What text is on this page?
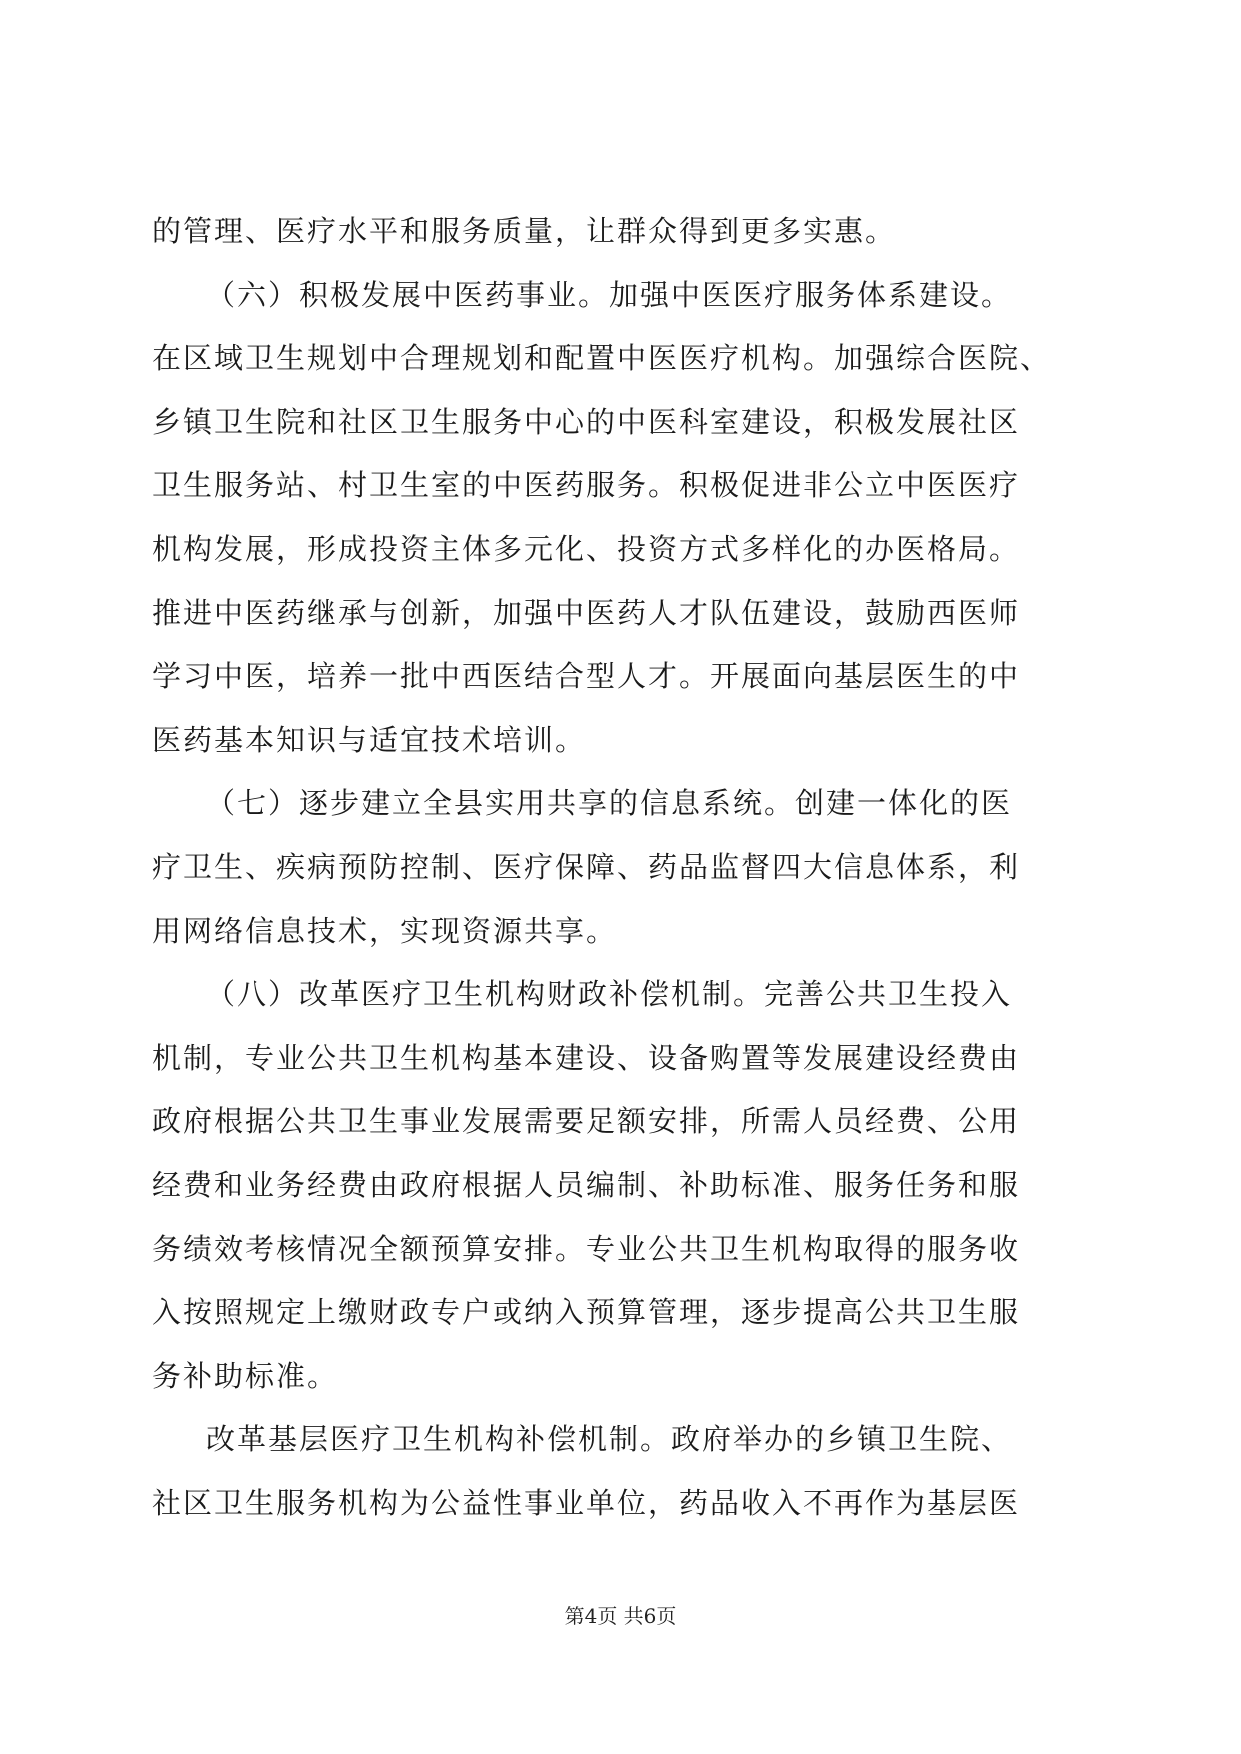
的管理、医疗水平和服务质量，让群众得到更多实惠。
（六）积极发展中医药事业。加强中医医疗服务体系建设。
在区域卫生规划中合理规划和配置中医医疗机构。加强综合医院、
乡镇卫生院和社区卫生服务中心的中医科室建设，积极发展社区
卫生服务站、村卫生室的中医药服务。积极促进非公立中医医疗
机构发展，形成投资主体多元化、投资方式多样化的办医格局。
推进中医药继承与创新，加强中医药人才队伍建设，鼓励西医师
学习中医，培养一批中西医结合型人才。开展面向基层医生的中
医药基本知识与适宜技术培训。
（七）逐步建立全县实用共享的信息系统。创建一体化的医
疗卫生、疾病预防控制、医疗保障、药品监督四大信息体系，利
用网络信息技术，实现资源共享。
（八）改革医疗卫生机构财政补偿机制。完善公共卫生投入
机制，专业公共卫生机构基本建设、设备购置等发展建设经费由
政府根据公共卫生事业发展需要足额安排，所需人员经费、公用
经费和业务经费由政府根据人员编制、补助标准、服务任务和服
务绩效考核情况全额预算安排。专业公共卫生机构取得的服务收
入按照规定上缴财政专户或纳入预算管理，逐步提高公共卫生服
务补助标准。
改革基层医疗卫生机构补偿机制。政府举办的乡镇卫生院、
社区卫生服务机构为公益性事业单位，药品收入不再作为基层医
第4页 共6页
